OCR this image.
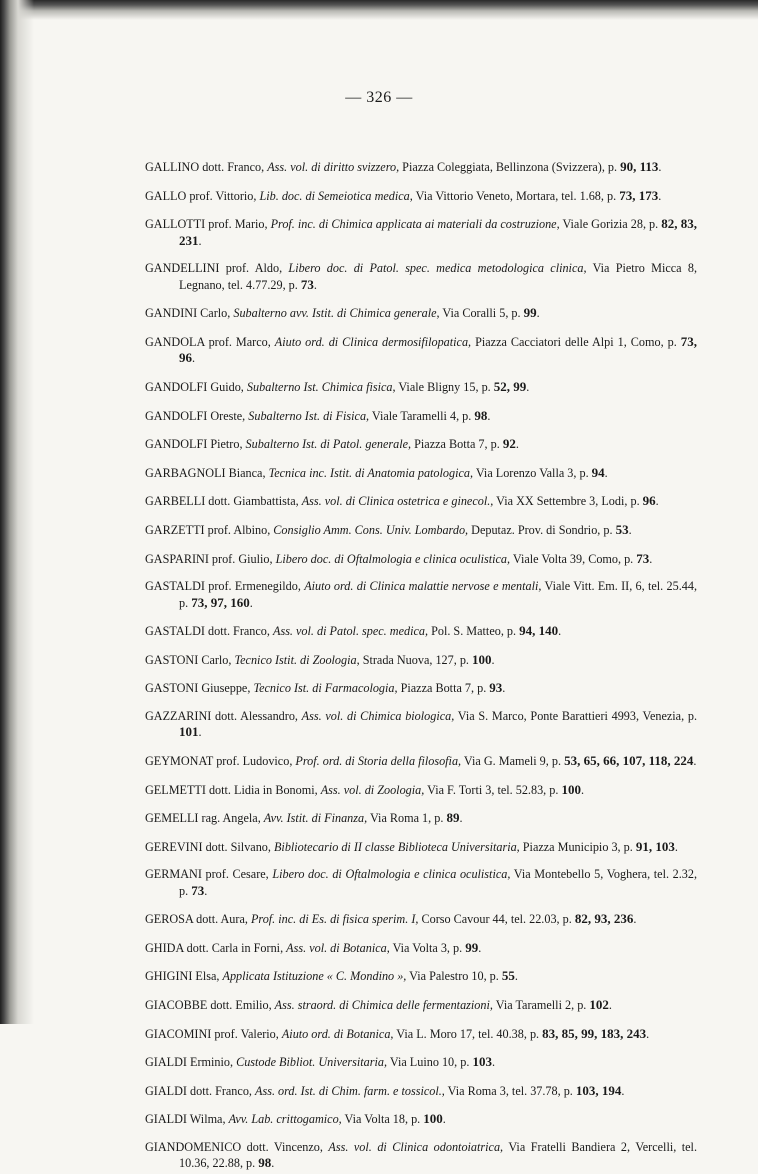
— 326 —

GALLINO dott. Franco, Ass. vol. di diritto svizzero, Piazza Coleggiata, Bellinzona (Svizzera), p. 90, 113.

GALLO prof. Vittorio, Lib. doc. di Semeiotica medica, Via Vittorio Veneto, Mortara, tel. 1.68, p. 73, 173.

GALLOTTI prof. Mario, Prof. inc. di Chimica applicata ai materiali da costruzione, Viale Gorizia 28, p. 82, 83, 231.

GANDELLINI prof. Aldo, Libero doc. di Patol. spec. medica metodologica clinica, Via Pietro Micca 8, Legnano, tel. 4.77.29, p. 73.

GANDINI Carlo, Subalterno avv. Istit. di Chimica generale, Via Coralli 5, p. 99.

GANDOLA prof. Marco, Aiuto ord. di Clinica dermosifilopatica, Piazza Cacciatori delle Alpi 1, Como, p. 73, 96.

GANDOLFI Guido, Subalterno Ist. Chimica fisica, Viale Bligny 15, p. 52, 99.

GANDOLFI Oreste, Subalterno Ist. di Fisica, Viale Taramelli 4, p. 98.

GANDOLFI Pietro, Subalterno Ist. di Patol. generale, Piazza Botta 7, p. 92.

GARBAGNOLI Bianca, Tecnica inc. Istit. di Anatomia patologica, Via Lorenzo Valla 3, p. 94.

GARBELLI dott. Giambattista, Ass. vol. di Clinica ostetrica e ginecol., Via XX Settembre 3, Lodi, p. 96.

GARZETTI prof. Albino, Consiglio Amm. Cons. Univ. Lombardo, Deputaz. Prov. di Sondrio, p. 53.

GASPARINI prof. Giulio, Libero doc. di Oftalmologia e clinica oculistica, Viale Volta 39, Como, p. 73.

GASTALDI prof. Ermenegildo, Aiuto ord. di Clinica malattie nervose e mentali, Viale Vitt. Em. II, 6, tel. 25.44, p. 73, 97, 160.

GASTALDI dott. Franco, Ass. vol. di Patol. spec. medica, Pol. S. Matteo, p. 94, 140.

GASTONI Carlo, Tecnico Istit. di Zoologia, Strada Nuova, 127, p. 100.

GASTONI Giuseppe, Tecnico Ist. di Farmacologia, Piazza Botta 7, p. 93.

GAZZARINI dott. Alessandro, Ass. vol. di Chimica biologica, Via S. Marco, Ponte Barattieri 4993, Venezia, p. 101.

GEYMONAT prof. Ludovico, Prof. ord. di Storia della filosofia, Via G. Mameli 9, p. 53, 65, 66, 107, 118, 224.

GELMETTI dott. Lidia in Bonomi, Ass. vol. di Zoologia, Via F. Torti 3, tel. 52.83, p. 100.

GEMELLI rag. Angela, Avv. Istit. di Finanza, Via Roma 1, p. 89.

GEREVINI dott. Silvano, Bibliotecario di II classe Biblioteca Universitaria, Piazza Municipio 3, p. 91, 103.

GERMANI prof. Cesare, Libero doc. di Oftalmologia e clinica oculistica, Via Montebello 5, Voghera, tel. 2.32, p. 73.

GEROSA dott. Aura, Prof. inc. di Es. di fisica sperim. I, Corso Cavour 44, tel. 22.03, p. 82, 93, 236.

GHIDA dott. Carla in Forni, Ass. vol. di Botanica, Via Volta 3, p. 99.

GHIGINI Elsa, Applicata Istituzione « C. Mondino », Via Palestro 10, p. 55.

GIACOBBE dott. Emilio, Ass. straord. di Chimica delle fermentazioni, Via Taramelli 2, p. 102.

GIACOMINI prof. Valerio, Aiuto ord. di Botanica, Via L. Moro 17, tel. 40.38, p. 83, 85, 99, 183, 243.

GIALDI Erminio, Custode Bibliot. Universitaria, Via Luino 10, p. 103.

GIALDI dott. Franco, Ass. ord. Ist. di Chim. farm. e tossicol., Via Roma 3, tel. 37.78, p. 103, 194.

GIALDI Wilma, Avv. Lab. crittogamico, Via Volta 18, p. 100.

GIANDOMENICO dott. Vincenzo, Ass. vol. di Clinica odontoiatrica, Via Fratelli Bandiera 2, Vercelli, tel. 10.36, 22.88, p. 98.
